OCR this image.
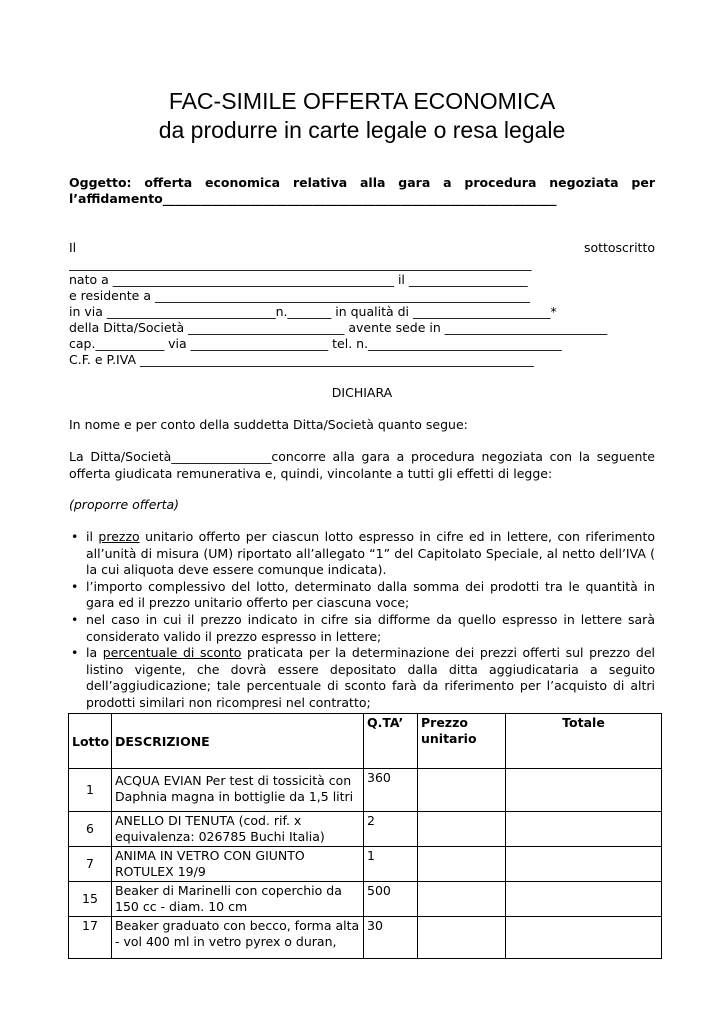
FAC-SIMILE OFFERTA ECONOMICA
da produrre in carte legale o resa legale
Oggetto: offerta economica relativa alla gara a procedura negoziata per
l’affidamento_______________________________________________________________
Il	sottoscritto
__________________________________________________________________________
nato a _____________________________________________ il ___________________
e residente a ____________________________________________________________
in via ___________________________n._______ in qualità di ______________________*
della Ditta/Società _________________________ avente sede in __________________________
cap.___________ via ______________________ tel. n._______________________________
C.F. e P.IVA _______________________________________________________________
DICHIARA
In nome e per conto della suddetta Ditta/Società quanto segue:
La Ditta/Società________________concorre alla gara a procedura negoziata con la seguente offerta giudicata remunerativa e, quindi, vincolante a tutti gli effetti di legge:
(proporre offerta)
• il prezzo unitario offerto per ciascun lotto espresso in cifre ed in lettere, con riferimento all’unità di misura (UM) riportato all’allegato “1” del Capitolato Speciale, al netto dell’IVA ( la cui aliquota deve essere comunque indicata).
• l’importo complessivo del lotto, determinato dalla somma dei prodotti tra le quantità in gara ed il prezzo unitario offerto per ciascuna voce;
• nel caso in cui il prezzo indicato in cifre sia difforme da quello espresso in lettere sarà considerato valido il prezzo espresso in lettere;
• la percentuale di sconto praticata per la determinazione dei prezzi offerti sul prezzo del listino vigente, che dovrà essere depositato dalla ditta aggiudicataria a seguito dell’aggiudicazione; tale percentuale di sconto farà da riferimento per l’acquisto di altri prodotti similari non ricompresi nel contratto;
Lotto	DESCRIZIONE	Q.TA’	Prezzo unitario	Totale
1	ACQUA EVIAN Per test di tossicità con Daphnia magna in bottiglie da 1,5 litri	360		
6	ANELLO DI TENUTA (cod. rif. x equivalenza: 026785 Buchi Italia)	2		
7	ANIMA IN VETRO CON GIUNTO ROTULEX 19/9	1		
15	Beaker di Marinelli con coperchio da 150 cc - diam. 10 cm	500		
17	Beaker graduato con becco, forma alta - vol 400 ml in vetro pyrex o duran,	30		
